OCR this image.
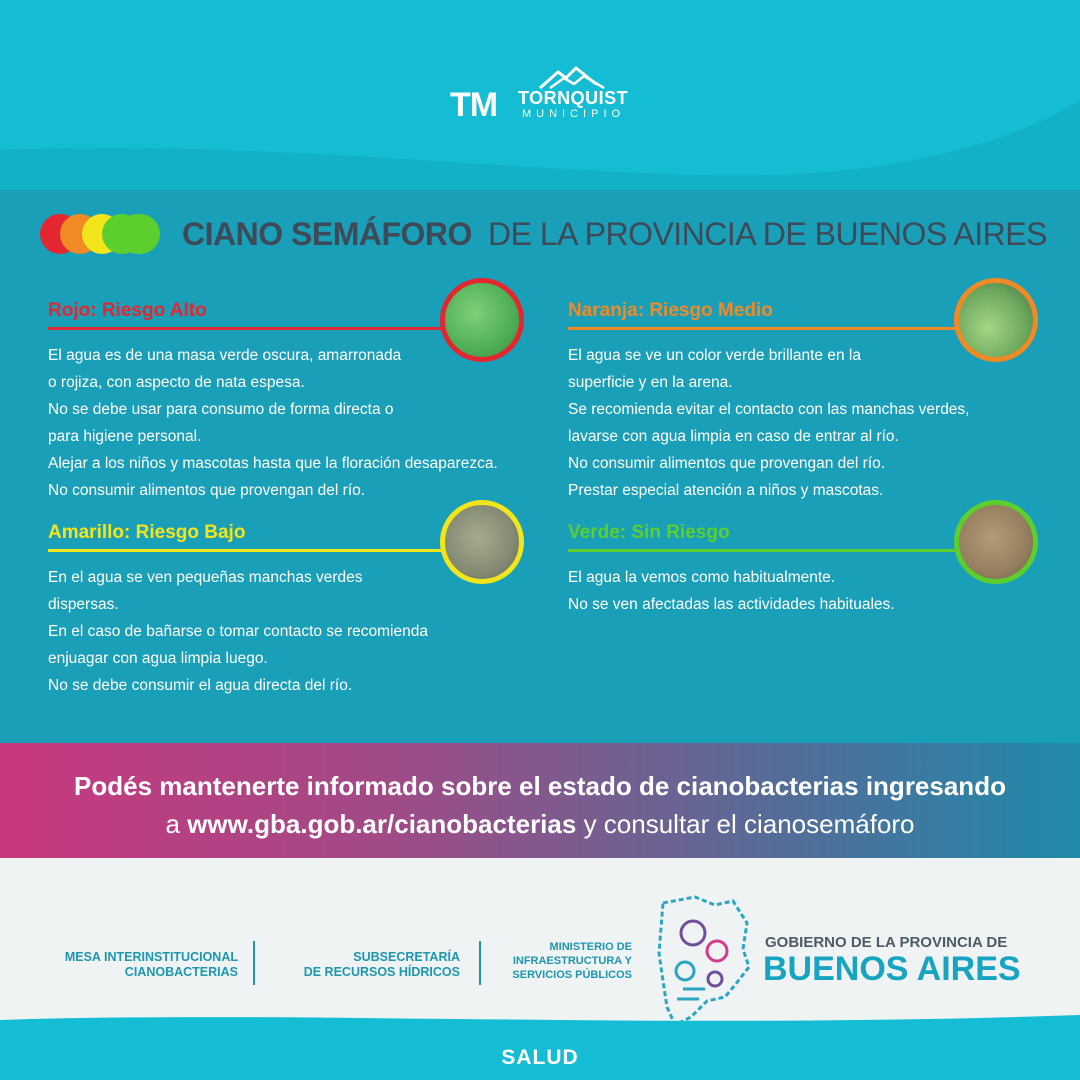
TM TORNQUIST
MUNICIPIO
CIANO SEMÁFORO DE LA PROVINCIA DE BUENOS AIRES
Rojo: Riesgo Alto
El agua es de una masa verde oscura, amarronada
o rojiza, con aspecto de nata espesa.
No se debe usar para consumo de forma directa o
para higiene personal.
Alejar a los niños y mascotas hasta que la floración desaparezca.
No consumir alimentos que provengan del río.
Naranja: Riesgo Medio
El agua se ve un color verde brillante en la
superficie y en la arena.
Se recomienda evitar el contacto con las manchas verdes,
lavarse con agua limpia en caso de entrar al río.
No consumir alimentos que provengan del río.
Prestar especial atención a niños y mascotas.
Amarillo: Riesgo Bajo
En el agua se ven pequeñas manchas verdes
dispersas.
En el caso de bañarse o tomar contacto se recomienda
enjuagar con agua limpia luego.
No se debe consumir el agua directa del río.
Verde: Sin Riesgo
El agua la vemos como habitualmente.
No se ven afectadas las actividades habituales.
Podés mantenerte informado sobre el estado de cianobacterias ingresando
a www.gba.gob.ar/cianobacterias y consultar el cianosemáforo
MESA INTERINSTITUCIONAL
CIANOBACTERIAS
SUBSECRETARÍA
DE RECURSOS HÍDRICOS
MINISTERIO DE
INFRAESTRUCTURA Y
SERVICIOS PÚBLICOS
GOBIERNO DE LA PROVINCIA DE
BUENOS AIRES
SALUD
